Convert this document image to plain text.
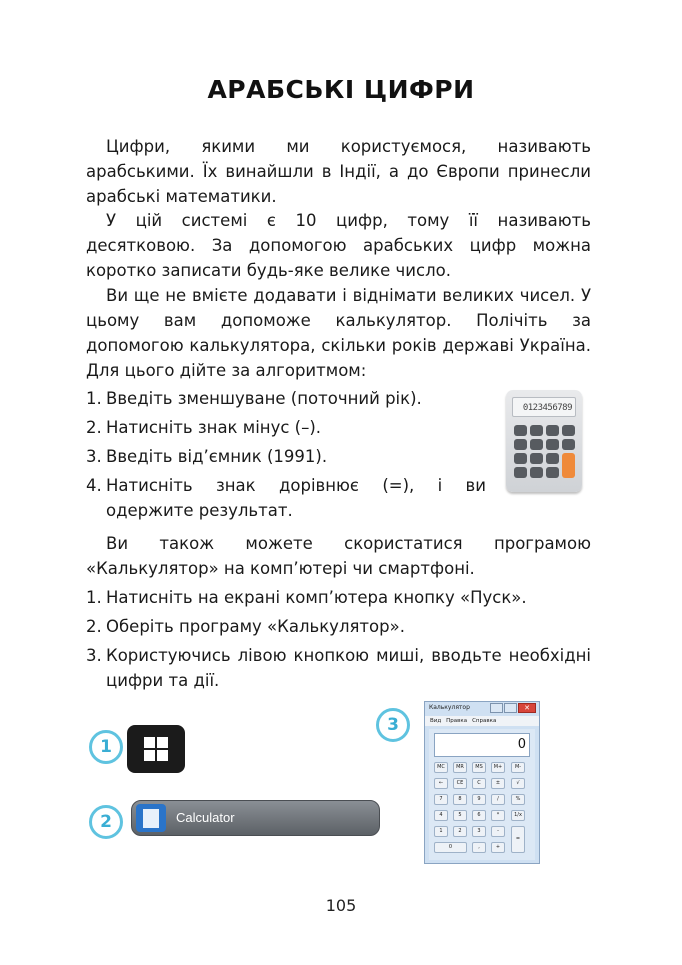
АРАБСЬКІ ЦИФРИ

Цифри, якими ми користуємося, називають арабськими. Їх винайшли в Індії, а до Європи принесли арабські математики.

У цій системі є 10 цифр, тому її називають десятковою. За допомогою арабських цифр можна коротко записати будь-яке велике число.

Ви ще не вмієте додавати і віднімати великих чисел. У цьому вам допоможе калькулятор. Полічіть за допомогою калькулятора, скільки років державі Україна. Для цього дійте за алгоритмом:

1. Введіть зменшуване (поточний рік).
2. Натисніть знак мінус (–).
3. Введіть від’ємник (1991).
4. Натисніть знак дорівнює (=), і ви одержите результат.
0123456789

Ви також можете скористатися програмою «Калькулятор» на комп’ютері чи смартфоні.

1. Натисніть на екрані комп’ютера кнопку «Пуск».
2. Оберіть програму «Калькулятор».
3. Користуючись лівою кнопкою миші, вводьте необхідні цифри та дії.
1
2
3
Calculator
Калькулятор	✕
Вид Правка Справка
0
MC	MR	MS	M+	M-
←	CE	C	±	√
7	8	9	/	%
4	5	6	*	1/x
1	2	3	-
=
0	,	+
105
